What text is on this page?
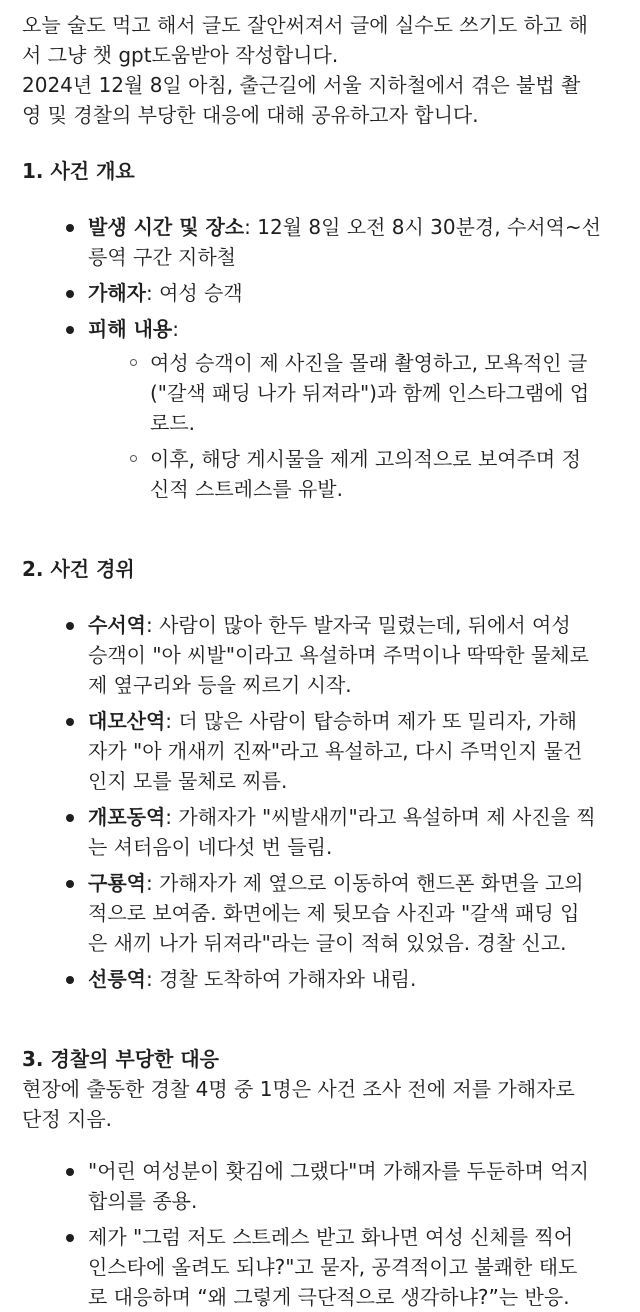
오늘 술도 먹고 해서 글도 잘안써져서 글에 실수도 쓰기도 하고 해

서 그냥 챗 gpt도움받아 작성합니다.

2024년 12월 8일 아침, 출근길에 서울 지하철에서 겪은 불법 촬

영 및 경찰의 부당한 대응에 대해 공유하고자 합니다.

1. 사건 개요
발생 시간 및 장소: 12월 8일 오전 8시 30분경, 수서역~선
릉역 구간 지하철
가해자: 여성 승객
피해 내용:
여성 승객이 제 사진을 몰래 촬영하고, 모욕적인 글
("갈색 패딩 나가 뒤져라")과 함께 인스타그램에 업
로드.
이후, 해당 게시물을 제게 고의적으로 보여주며 정
신적 스트레스를 유발.
2. 사건 경위
수서역: 사람이 많아 한두 발자국 밀렸는데, 뒤에서 여성
승객이 "아 씨발"이라고 욕설하며 주먹이나 딱딱한 물체로
제 옆구리와 등을 찌르기 시작.
대모산역: 더 많은 사람이 탑승하며 제가 또 밀리자, 가해
자가 "아 개새끼 진짜"라고 욕설하고, 다시 주먹인지 물건
인지 모를 물체로 찌름.
개포동역: 가해자가 "씨발새끼"라고 욕설하며 제 사진을 찍
는 셔터음이 네다섯 번 들림.
구룡역: 가해자가 제 옆으로 이동하여 핸드폰 화면을 고의
적으로 보여줌. 화면에는 제 뒷모습 사진과 "갈색 패딩 입
은 새끼 나가 뒤져라"라는 글이 적혀 있었음. 경찰 신고.
선릉역: 경찰 도착하여 가해자와 내림.
3. 경찰의 부당한 대응

현장에 출동한 경찰 4명 중 1명은 사건 조사 전에 저를 가해자로

단정 지음.

"어린 여성분이 홧김에 그랬다"며 가해자를 두둔하며 억지
합의를 종용.
제가 "그럼 저도 스트레스 받고 화나면 여성 신체를 찍어
인스타에 올려도 되냐?"고 묻자, 공격적이고 불쾌한 태도
로 대응하며 “왜 그렇게 극단적으로 생각하냐?”는 반응.
